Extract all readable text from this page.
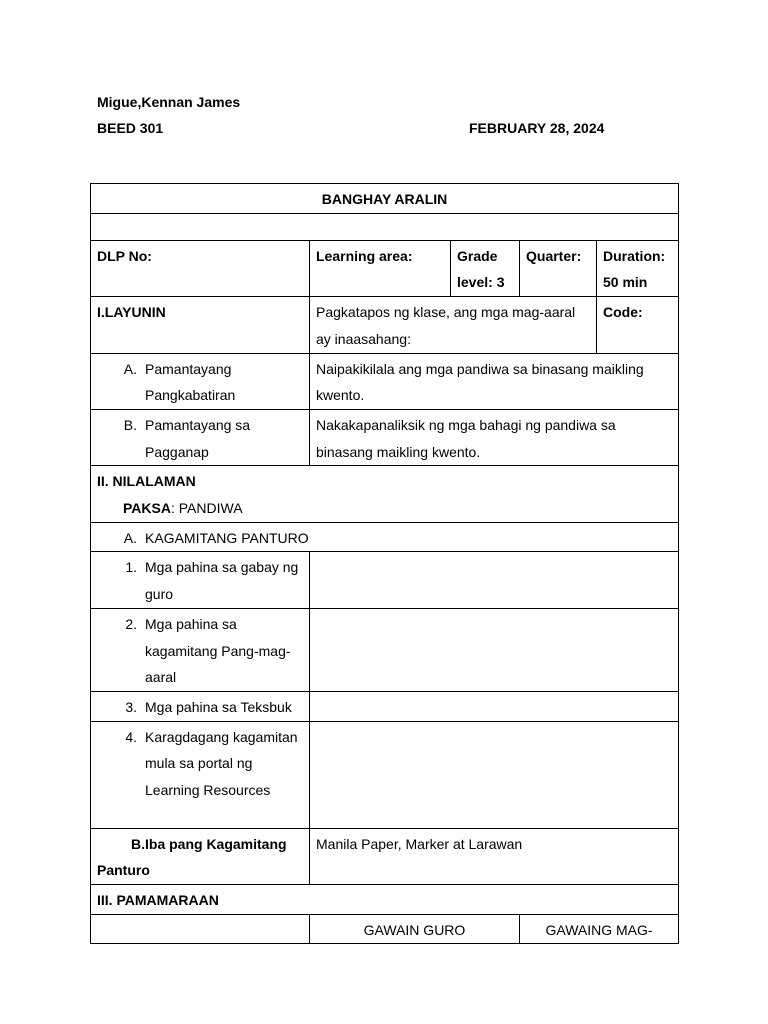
Migue,Kennan James
BEED 301	FEBRUARY 28, 2024
BANGHAY ARALIN				

DLP No:	Learning area:	Grade level: 3	Quarter:	Duration: 50 min
I.LAYUNIN	Pagkatapos ng klase, ang mga mag-aaral ay inaasahang:			Code:

A. Pamantayang Pangkabatiran	Naipakikilala ang mga pandiwa sa binasang maikling kwento.			

B. Pamantayang sa Pagganap	Nakakapanaliksik ng mga bahagi ng pandiwa sa binasang maikling kwento.			

II. NILALAMAN
PAKSA: PANDIWA				

A. KAGAMITANG PANTURO				

1. Mga pahina sa gabay ng guro				

2. Mga pahina sa kagamitang Pang-mag-aaral				

3. Mga pahina sa Teksbuk				

4. Karagdagang kagamitan mula sa portal ng Learning Resources				

B.Iba pang Kagamitang Panturo	Manila Paper, Marker at Larawan			
III. PAMAMARAAN				
	GAWAIN GURO		GAWAING MAG-	
